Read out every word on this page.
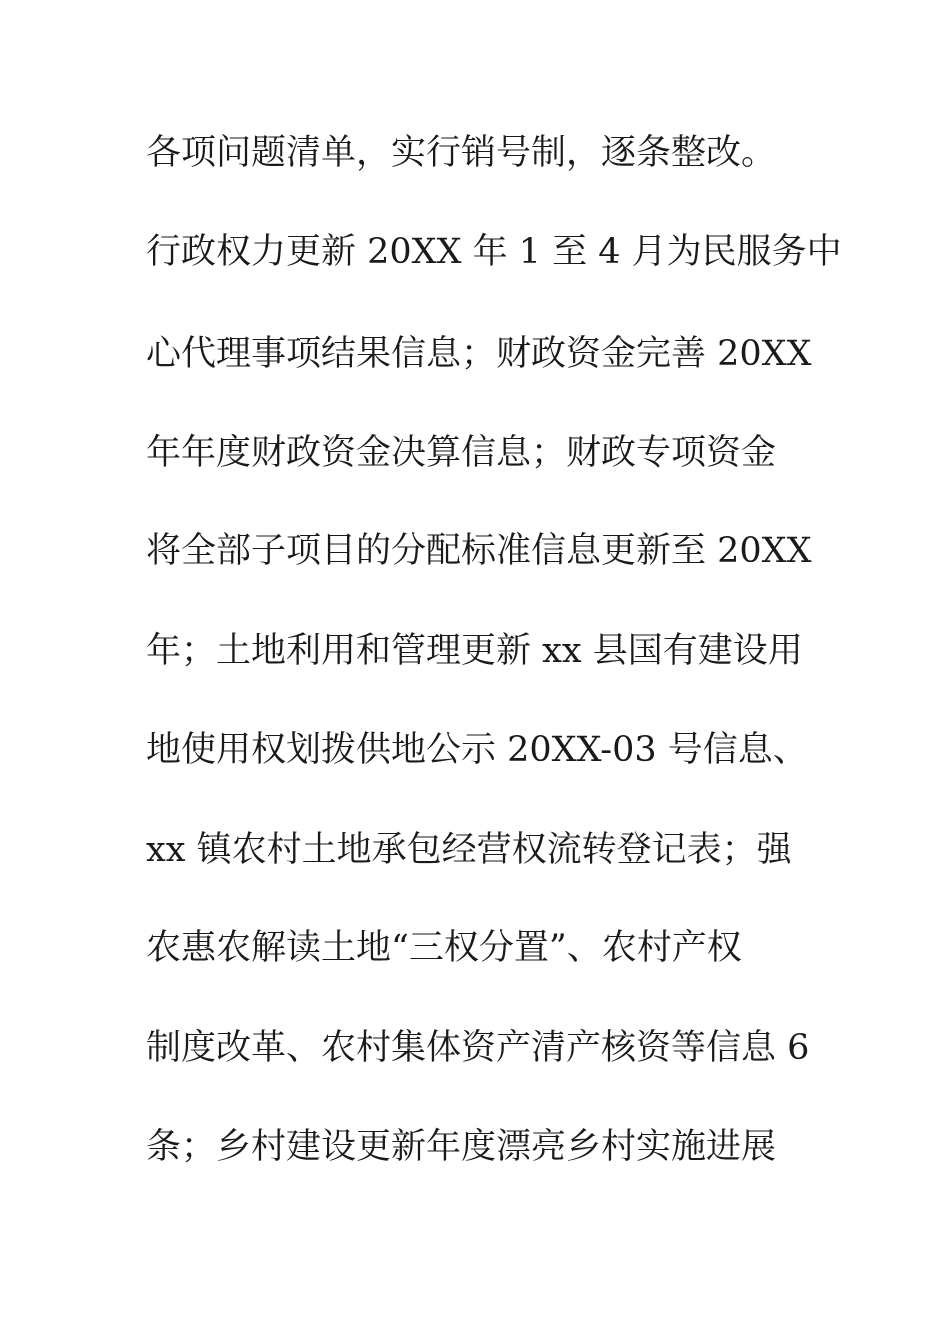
各项问题清单，实行销号制，逐条整改。
行政权力更新 20XX 年 1 至 4 月为民服务中
心代理事项结果信息；财政资金完善 20XX
年年度财政资金决算信息；财政专项资金
将全部子项目的分配标准信息更新至 20XX
年；土地利用和管理更新 xx 县国有建设用
地使用权划拨供地公示 20XX-03 号信息、
xx 镇农村土地承包经营权流转登记表；强
农惠农解读土地“三权分置”、农村产权
制度改革、农村集体资产清产核资等信息 6
条；乡村建设更新年度漂亮乡村实施进展
